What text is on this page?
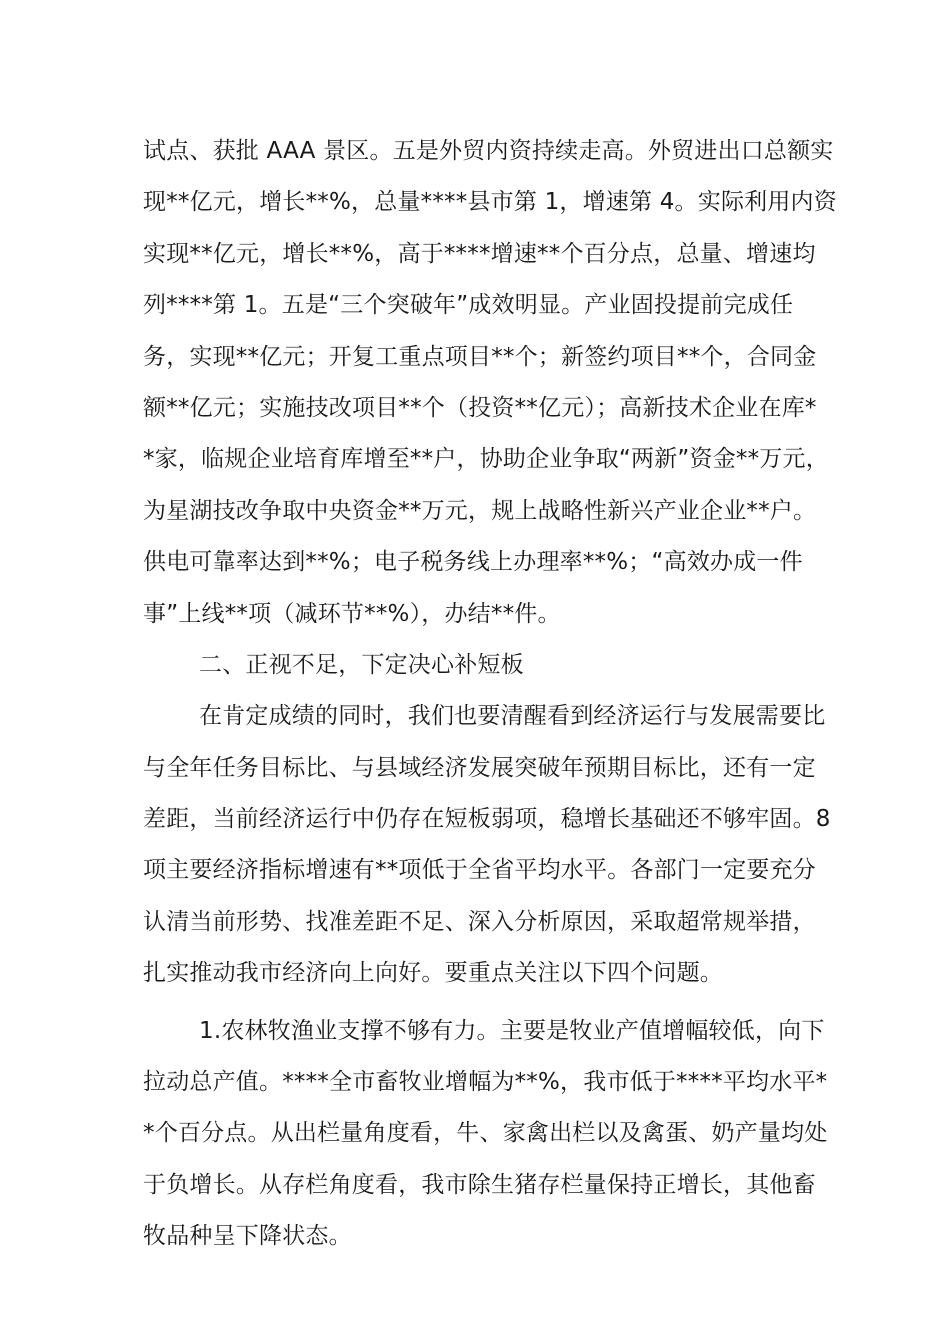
试点、获批 AAA 景区。五是外贸内资持续走高。外贸进出口总额实
现**亿元，增长**%，总量****县市第 1，增速第 4。实际利用内资
实现**亿元，增长**%，高于****增速**个百分点，总量、增速均
列****第 1。五是“三个突破年”成效明显。产业固投提前完成任
务，实现**亿元；开复工重点项目**个；新签约项目**个，合同金
额**亿元；实施技改项目**个（投资**亿元）；高新技术企业在库*
*家，临规企业培育库增至**户，协助企业争取“两新”资金**万元，
为星湖技改争取中央资金**万元，规上战略性新兴产业企业**户。
供电可靠率达到**%；电子税务线上办理率**%；“高效办成一件
事”上线**项（减环节**%），办结**件。
二、正视不足，下定决心补短板
在肯定成绩的同时，我们也要清醒看到经济运行与发展需要比
与全年任务目标比、与县域经济发展突破年预期目标比，还有一定
差距，当前经济运行中仍存在短板弱项，稳增长基础还不够牢固。8
项主要经济指标增速有**项低于全省平均水平。各部门一定要充分
认清当前形势、找准差距不足、深入分析原因，采取超常规举措，
扎实推动我市经济向上向好。要重点关注以下四个问题。
1.农林牧渔业支撑不够有力。主要是牧业产值增幅较低，向下
拉动总产值。****全市畜牧业增幅为**%，我市低于****平均水平*
*个百分点。从出栏量角度看，牛、家禽出栏以及禽蛋、奶产量均处
于负增长。从存栏角度看，我市除生猪存栏量保持正增长，其他畜
牧品种呈下降状态。
